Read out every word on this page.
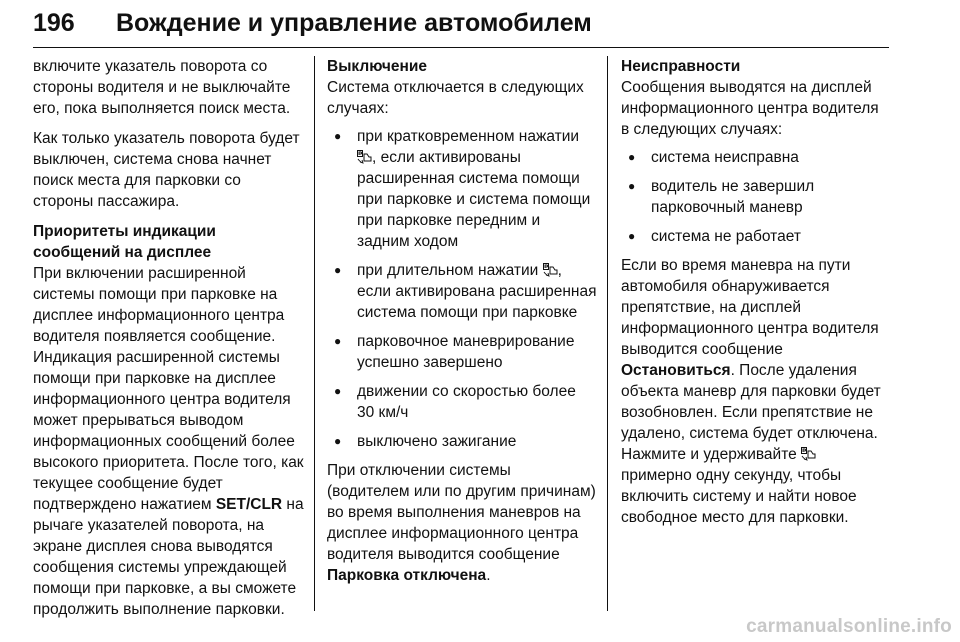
196 Вождение и управление автомобилем

включите указатель поворота со стороны водителя и не выключайте его, пока выполняется поиск места.

Как только указатель поворота будет выключен, система снова начнет поиск места для парковки со стороны пассажира.

Приоритеты индикации сообщений на дисплее
При включении расширенной системы помощи при парковке на дисплее информационного центра водителя появляется сообщение. Индикация расширенной системы помощи при парковке на дисплее информационного центра водителя может прерываться выводом информационных сообщений более высокого приоритета. После того, как текущее сообщение будет подтверждено нажатием SET/CLR на рычаге указателей поворота, на экране дисплея снова выводятся сообщения системы упреждающей помощи при парковке, а вы сможете продолжить выполнение парковки.

Выключение
Система отключается в следующих случаях:

● при кратковременном нажатии , если активированы расширенная система помощи при парковке и система помощи при парковке передним и задним ходом
● при длительном нажатии , если активирована расширенная система помощи при парковке
● парковочное маневрирование успешно завершено
● движении со скоростью более 30 км/ч
● выключено зажигание

При отключении системы (водителем или по другим причинам) во время выполнения маневров на дисплее информационного центра водителя выводится сообщение Парковка отключена.

Неисправности
Сообщения выводятся на дисплей информационного центра водителя в следующих случаях:

● система неисправна
● водитель не завершил парковочный маневр
● система не работает

Если во время маневра на пути автомобиля обнаруживается препятствие, на дисплей информационного центра водителя выводится сообщение Остановиться. После удаления объекта маневр для парковки будет возобновлен. Если препятствие не удалено, система будет отключена. Нажмите и удерживайте  примерно одну секунду, чтобы включить систему и найти новое свободное место для парковки.

carmanualsonline.info
